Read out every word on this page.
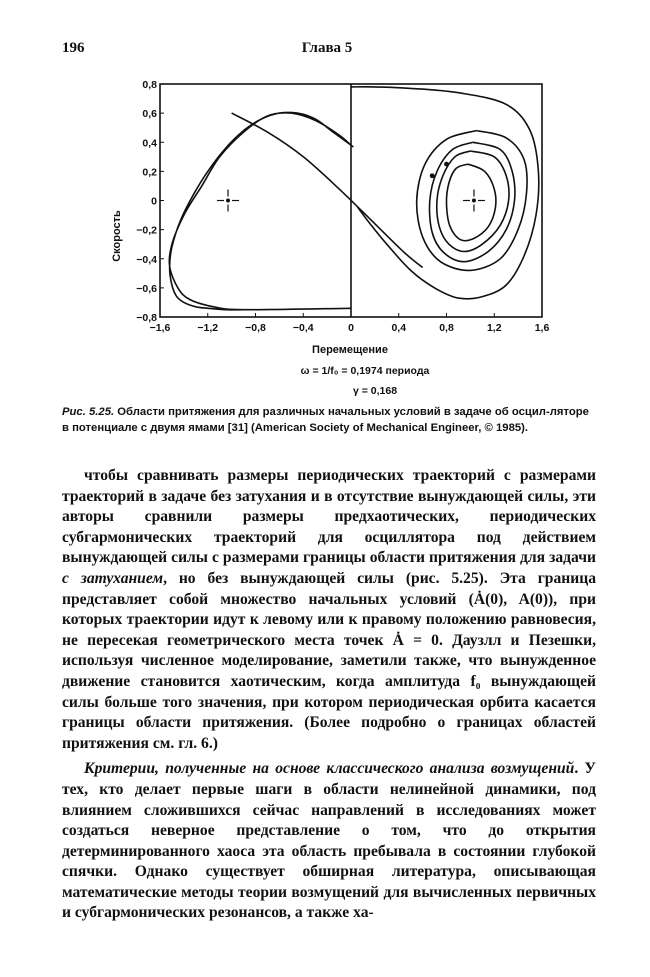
196	Глава 5
−1,6	−1,2	−0,8	−0,4	0	0,4	0,8	1,2	1,6
0,8
0,6
0,4
0,2
0
−0,2
−0,4
−0,6
−0,8
Скорость
Перемещение
ω = 1/f₀ = 0,1974 периода
γ = 0,168
Рис. 5.25. Области притяжения для различных начальных условий в задаче об осцил-ляторе в потенциале с двумя ямами [31] (American Society of Mechanical Engineer, © 1985).

чтобы сравнивать размеры периодических траекторий с размерами траекторий в задаче без затухания и в отсутствие вынуждающей силы, эти авторы сравнили размеры предхаотических, периодических субгармонических траекторий для осциллятора под действием вынуждающей силы с размерами границы области притяжения для задачи с затуханием, но без вынуждающей силы (рис. 5.25). Эта граница представляет собой множество начальных условий (Ȧ(0), A(0)), при которых траектории идут к левому или к правому положению равновесия, не пересекая геометрического места точек Ȧ = 0. Даузлл и Пезешки, используя численное моделирование, заметили также, что вынужденное движение становится хаотическим, когда амплитуда f₀ вынуждающей силы больше того значения, при котором периодическая орбита касается границы области притяжения. (Более подробно о границах областей притяжения см. гл. 6.)

Критерии, полученные на основе классического анализа возмущений. У тех, кто делает первые шаги в области нелинейной динамики, под влиянием сложившихся сейчас направлений в исследованиях может создаться неверное представление о том, что до открытия детерминированного хаоса эта область пребывала в состоянии глубокой спячки. Однако существует обширная литература, описывающая математические методы теории возмущений для вычисленных первичных и субгармонических резонансов, а также ха-
